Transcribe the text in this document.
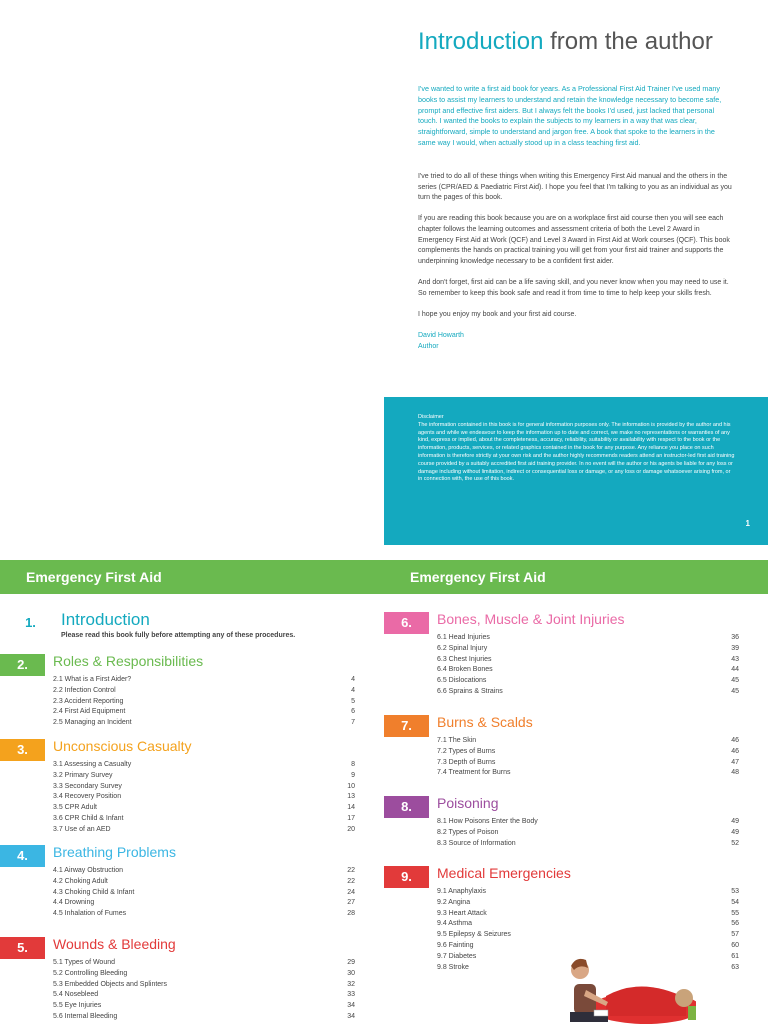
Introduction from the author
I've wanted to write a first aid book for years. As a Professional First Aid Trainer I've used many books to assist my learners to understand and retain the knowledge necessary to become safe, prompt and effective first aiders. But I always felt the books I'd used, just lacked that personal touch. I wanted the books to explain the subjects to my learners in a way that was clear, straightforward, simple to understand and jargon free. A book that spoke to the learners in the same way I would, when actually stood up in a class teaching first aid.

I've tried to do all of these things when writing this Emergency First Aid manual and the others in the series (CPR/AED & Paediatric First Aid). I hope you feel that I'm talking to you as an individual as you turn the pages of this book.

If you are reading this book because you are on a workplace first aid course then you will see each chapter follows the learning outcomes and assessment criteria of both the Level 2 Award in Emergency First Aid at Work (QCF) and Level 3 Award in First Aid at Work courses (QCF). This book complements the hands on practical training you will get from your first aid trainer and supports the underpinning knowledge necessary to be a confident first aider.

And don't forget, first aid can be a life saving skill, and you never know when you may need to use it. So remember to keep this book safe and read it from time to time to help keep your skills fresh.

I hope you enjoy my book and your first aid course.

David Howarth
Author
Disclaimer
The information contained in this book is for general information purposes only. The information is provided by the author and his agents and while we endeavour to keep the information up to date and correct, we make no representations or warranties of any kind, express or implied, about the completeness, accuracy, reliability, suitability or availability with respect to the book or the information, products, services, or related graphics contained in the book for any purpose. Any reliance you place on such information is therefore strictly at your own risk and the author highly recommends readers attend an instructor-led first aid training course provided by a suitably accredited first aid training provider. In no event will the author or his agents be liable for any loss or damage including without limitation, indirect or consequential loss or damage, or any loss or damage whatsoever arising from, or in connection with, the use of this book.
1
Emergency First Aid	Emergency First Aid
1.	Introduction
Please read this book fully before attempting any of these procedures.
2.	Roles & Responsibilities
2.1 What is a First Aider?	4
2.2 Infection Control	4
2.3 Accident Reporting	5
2.4 First Aid Equipment	6
2.5 Managing an Incident	7
3.	Unconscious Casualty
3.1 Assessing a Casualty	8
3.2 Primary Survey	9
3.3 Secondary Survey	10
3.4 Recovery Position	13
3.5 CPR Adult	14
3.6 CPR Child & Infant	17
3.7 Use of an AED	20
4.	Breathing Problems
4.1 Airway Obstruction	22
4.2 Choking Adult	22
4.3 Choking Child & Infant	24
4.4 Drowning	27
4.5 Inhalation of Fumes	28
5.	Wounds & Bleeding
5.1 Types of Wound	29
5.2 Controlling Bleeding	30
5.3 Embedded Objects and Splinters	32
5.4 Nosebleed	33
5.5 Eye Injuries	34
5.6 Internal Bleeding	34
6.	Bones, Muscle & Joint Injuries
6.1 Head Injuries	36
6.2 Spinal Injury	39
6.3 Chest Injuries	43
6.4 Broken Bones	44
6.5 Dislocations	45
6.6 Sprains & Strains	45
7.	Burns & Scalds
7.1 The Skin	46
7.2 Types of Burns	46
7.3 Depth of Burns	47
7.4 Treatment for Burns	48
8.	Poisoning
8.1 How Poisons Enter the Body	49
8.2 Types of Poison	49
8.3 Source of Information	52
9.	Medical Emergencies
9.1 Anaphylaxis	53
9.2 Angina	54
9.3 Heart Attack	55
9.4 Asthma	56
9.5 Epilepsy & Seizures	57
9.6 Fainting	60
9.7 Diabetes	61
9.8 Stroke	63
